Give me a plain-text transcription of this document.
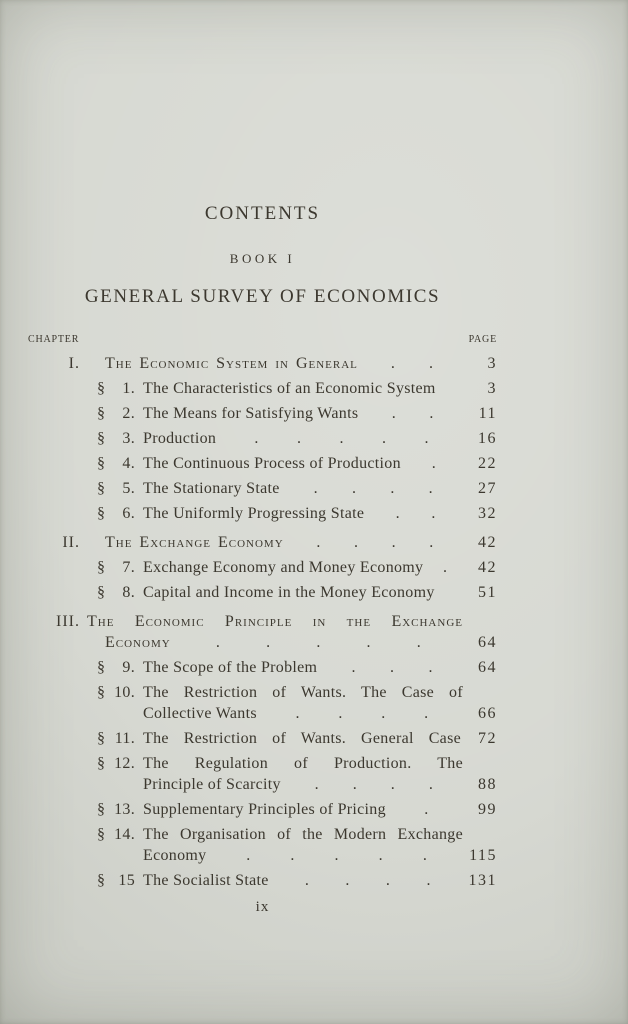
CONTENTS
BOOK I
GENERAL SURVEY OF ECONOMICS
CHAPTER	PAGE
I. The Economic System in General . .	3
§ 1. The Characteristics of an Economic System	3
§ 2. The Means for Satisfying Wants . .	11
§ 3. Production . . . . .	16
§ 4. The Continuous Process of Production .	22
§ 5. The Stationary State . . . .	27
§ 6. The Uniformly Progressing State . .	32
II. The Exchange Economy . . . .	42
§ 7. Exchange Economy and Money Economy .	42
§ 8. Capital and Income in the Money Economy	51
III. The Economic Principle in the Exchange
Economy	.	.	.	.	.	64
§ 9. The Scope of the Problem . . .	64
§ 10. The Restriction of Wants. The Case of
Collective Wants . . . .	66
§ 11. The Restriction of Wants. General Case	72
§ 12. The Regulation of Production. The
Principle of Scarcity . . . .	88
§ 13. Supplementary Principles of Pricing .	99
§ 14. The Organisation of the Modern Exchange
Economy . . . . .	115
§ 15 The Socialist State . . . . 131
ix
